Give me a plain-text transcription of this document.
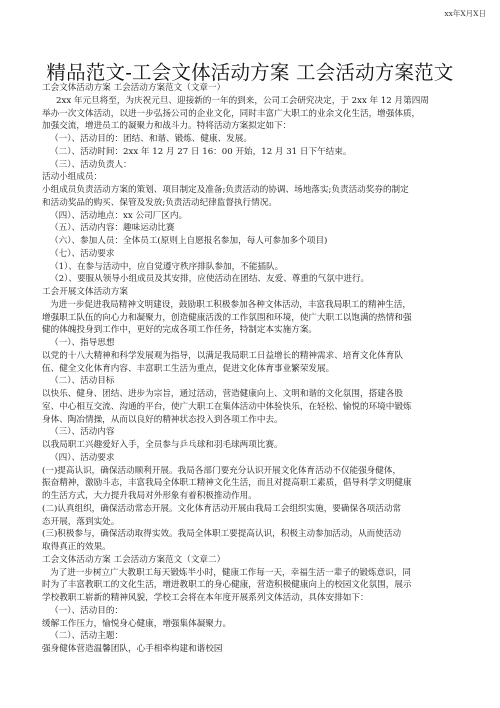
xx年X月X日
精品范文-工会文体活动方案 工会活动方案范文

工会文体活动方案 工会活动方案范文（文章一）

2xx 年元旦将至，为庆祝元旦、迎接新的一年的到来，公司工会研究决定，于 2xx 年 12 月第四周

举办一次文体活动，以进一步弘扬公司的企业文化，同时丰富广大职工的业余文化生活，增强体质，

加强交流，增进员工的凝聚力和战斗力。特将活动方案拟定如下：

（一）、活动目的：团结、和谐、锻炼、健康、发展。

（二）、活动时间：2xx 年 12 月 27 日 16：00 开始，12 月 31 日下午结束。

（三）、活动负责人：

活动小组成员：

小组成员负责活动方案的策划、项目制定及准备;负责活动的协调、场地落实;负责活动奖券的制定

和活动奖品的购买、保管及发放;负责活动纪律监督执行情况。

（四）、活动地点：xx 公司厂区内。

（五）、活动内容：趣味运动比赛

（六）、参加人员：全体员工(原则上自愿报名参加，每人可参加多个项目)

（七）、活动要求

（1）、在参与活动中，应自觉遵守秩序排队参加，不能插队。

（2）、要服从领导小组成员及其安排，应使活动在团结、友爱、尊重的气氛中进行。

工会开展文体活动方案

为进一步促进我局精神文明建设，鼓励职工积极参加各种文体活动，丰富我局职工的精神生活，

增强职工队伍的向心力和凝聚力，创造健康活泼的工作氛围和环境，使广大职工以饱满的热情和强

健的体魄投身到工作中，更好的完成各项工作任务，特制定本实施方案。

（一）、指导思想

以党的十八大精神和科学发展观为指导，以满足我局职工日益增长的精神需求、培育文化体育队

伍、健全文化体育内容、丰富职工生活为重点，促进文化体育事业繁荣发展。

（二）、活动目标

以快乐、健身、团结、进步为宗旨，通过活动，营造健康向上、文明和谐的文化氛围，搭建各股

室、中心相互交流、沟通的平台，使广大职工在集体活动中体验快乐，在轻松、愉悦的环境中锻炼

身体、陶冶情操，从而以良好的精神状态投入到各项工作中去。

（三）、活动内容

以我局职工兴趣爱好入手，全员参与乒乓球和羽毛球两项比赛。

（四）、活动要求

(一)提高认识，确保活动顺利开展。我局各部门要充分认识开展文化体育活动不仅能强身健体，

振奋精神，激励斗志，丰富我局全体职工精神文化生活，而且对提高职工素质，倡导科学文明健康

的生活方式，大力提升我局对外形象有着积极推动作用。

(二)认真组织，确保活动常态开展。文化体育活动开展由我局工会组织实施，要确保各项活动常

态开展，落到实处。

(三)积极参与，确保活动取得实效。我局全体职工要提高认识，积极主动参加活动，从而使活动

取得真正的效果。

工会文体活动方案 工会活动方案范文（文章二）

为了进一步树立广大教职工每天锻炼半小时，健康工作每一天，幸福生活一辈子的锻炼意识，同

时为了丰富教职工的文化生活，增进教职工的身心健康，营造积极健康向上的校园文化氛围，展示

学校教职工崭新的精神风貌，学校工会将在本年度开展系列文体活动，具体安排如下：

（一）、活动目的：

缓解工作压力，愉悦身心健康，增强集体凝聚力。

（二）、活动主题：

强身健体营造温馨团队，心手相牵构建和谐校园
